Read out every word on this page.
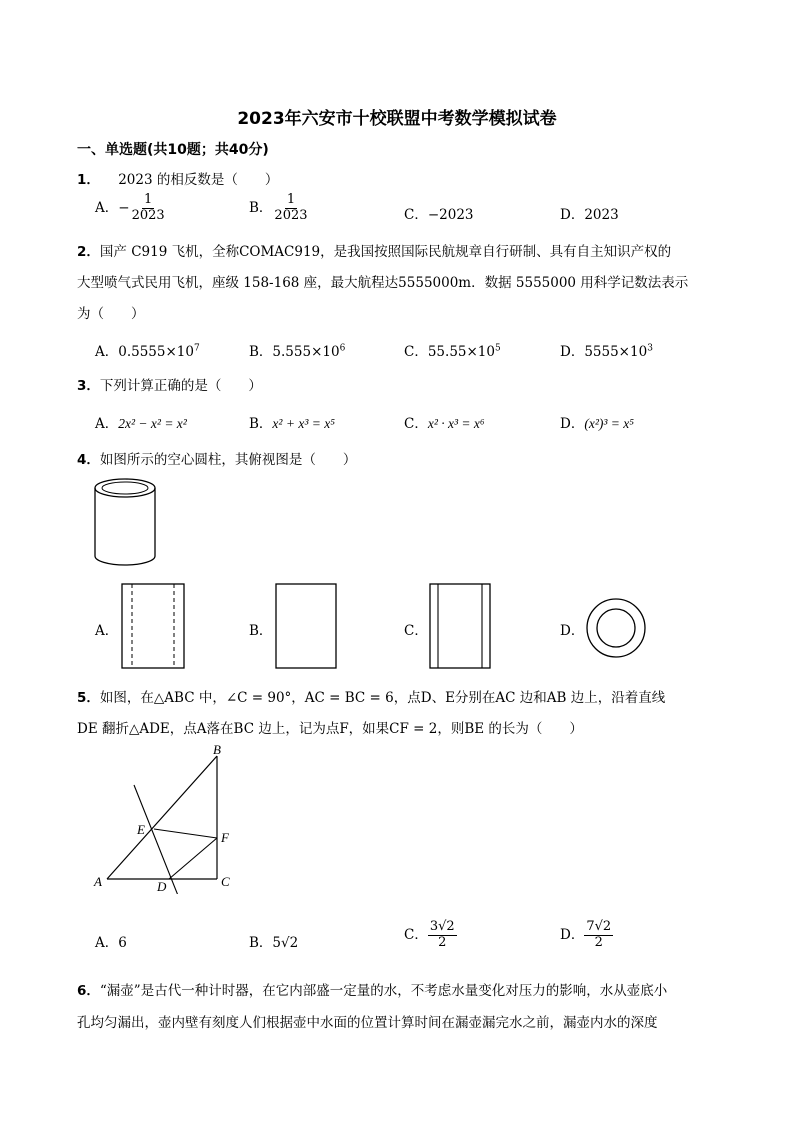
2023年六安市十校联盟中考数学模拟试卷
一、单选题(共10题；共40分)
1． 2023 的相反数是（　　）
A．− $\frac{1}{2023}$	B． $\frac{1}{2023}$	C．−2023	D．2023
2．国产 C919 飞机，全称COMAC919，是我国按照国际民航规章自行研制、具有自主知识产权的
大型喷气式民用飞机，座级 158-168 座，最大航程达5555000m．数据 5555000 用科学记数法表示
为（　　）
A．$0.5555\times 10^7$	B．$5.555\times 10^6$	C．$55.55\times 10^5$	D．$5555\times 10^3$
3．下列计算正确的是（　　）
A．2x² − x² = x²	B．x² + x³ = x⁵	C．x² · x³ = x⁶	D．(x²)³ = x⁵
4．如图所示的空心圆柱，其俯视图是（　　）
A．	B．	C．	D．
5．如图，在△ABC 中，∠C = 90°，AC = BC = 6，点D、E分别在AC 边和AB 边上，沿着直线
DE 翻折△ADE，点A落在BC 边上，记为点F，如果CF = 2，则BE 的长为（　　）
A
B
C
D
E
F
A．6	B．5√2
C． $\frac{3√2}{2}$	D． $\frac{7√2}{2}$
6．“漏壶”是古代一种计时器，在它内部盛一定量的水，不考虑水量变化对压力的影响，水从壶底小
孔均匀漏出，壶内壁有刻度人们根据壶中水面的位置计算时间在漏壶漏完水之前，漏壶内水的深度
